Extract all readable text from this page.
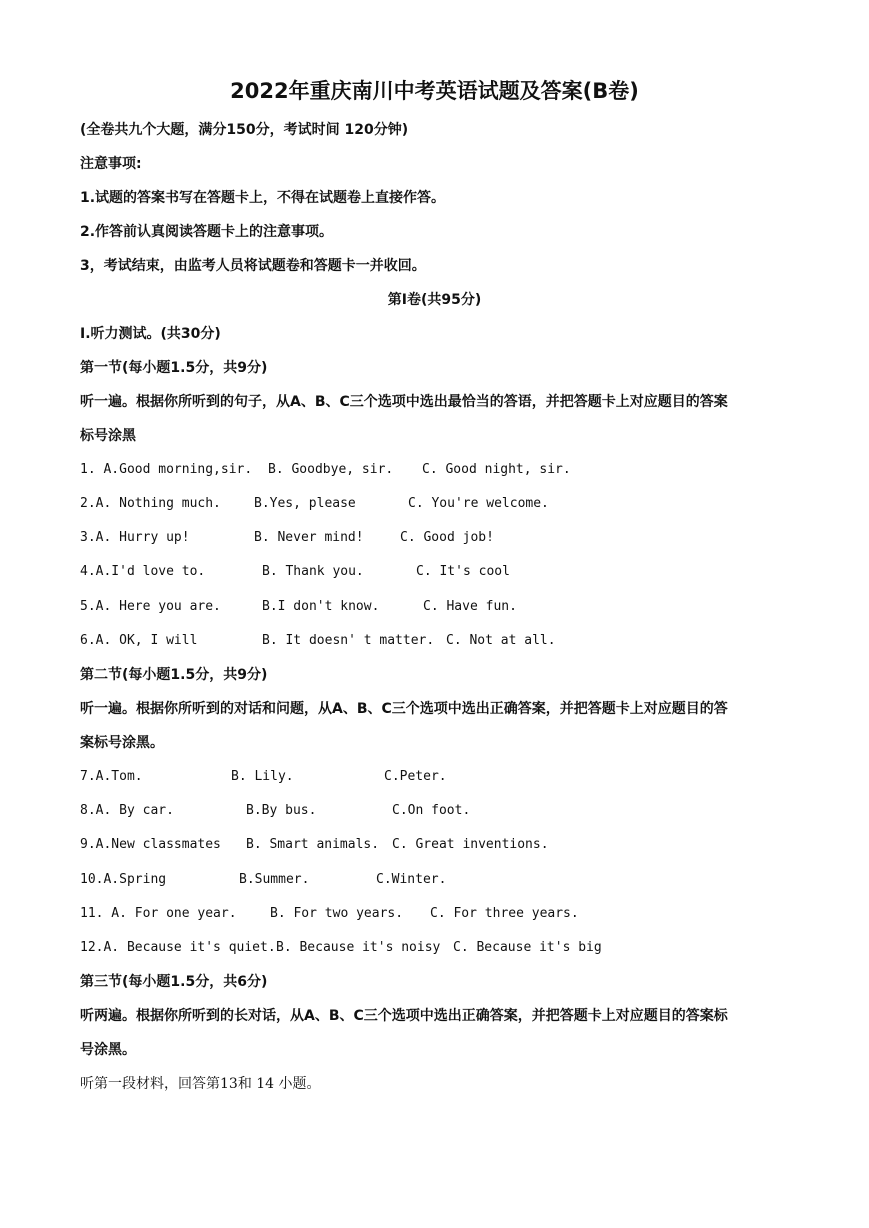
2022年重庆南川中考英语试题及答案(B卷)
(全卷共九个大题，满分150分，考试时间 120分钟)
注意事项:
1.试题的答案书写在答题卡上，不得在试题卷上直接作答。
2.作答前认真阅读答题卡上的注意事项。
3，考试结束，由监考人员将试题卷和答题卡一并收回。
第Ⅰ卷(共95分)
I.听力测试。(共30分)
第一节(每小题1.5分，共9分)
听一遍。根据你所听到的句子，从A、B、C三个选项中选出最恰当的答语，并把答题卡上对应题目的答案
标号涂黑
1. A.Good morning,sir. B. Goodbye, sir. C. Good night, sir.
2.A. Nothing much.	B.Yes, please	C. You're welcome.
3.A. Hurry up!	B. Never mind!	C. Good job!
4.A.I'd love to.	B. Thank you.	C. It's cool
5.A. Here you are.	B.I don't know.	C. Have fun.
6.A. OK, I will	B. It doesn' t matter. C. Not at all.
第二节(每小题1.5分，共9分)
听一遍。根据你所听到的对话和问题，从A、B、C三个选项中选出正确答案，并把答题卡上对应题目的答
案标号涂黑。
7.A.Tom.	B. Lily.	C.Peter.
8.A. By car.	B.By bus.	C.On foot.
9.A.New classmates B. Smart animals. C. Great inventions.
10.A.Spring	B.Summer.	C.Winter.
11. A. For one year.	B. For two years. C. For three years.
12.A. Because it's quiet. B. Because it's noisy C. Because it's big
第三节(每小题1.5分，共6分)
听两遍。根据你所听到的长对话，从A、B、C三个选项中选出正确答案，并把答题卡上对应题目的答案标
号涂黑。
听第一段材料，回答第13和 14 小题。
